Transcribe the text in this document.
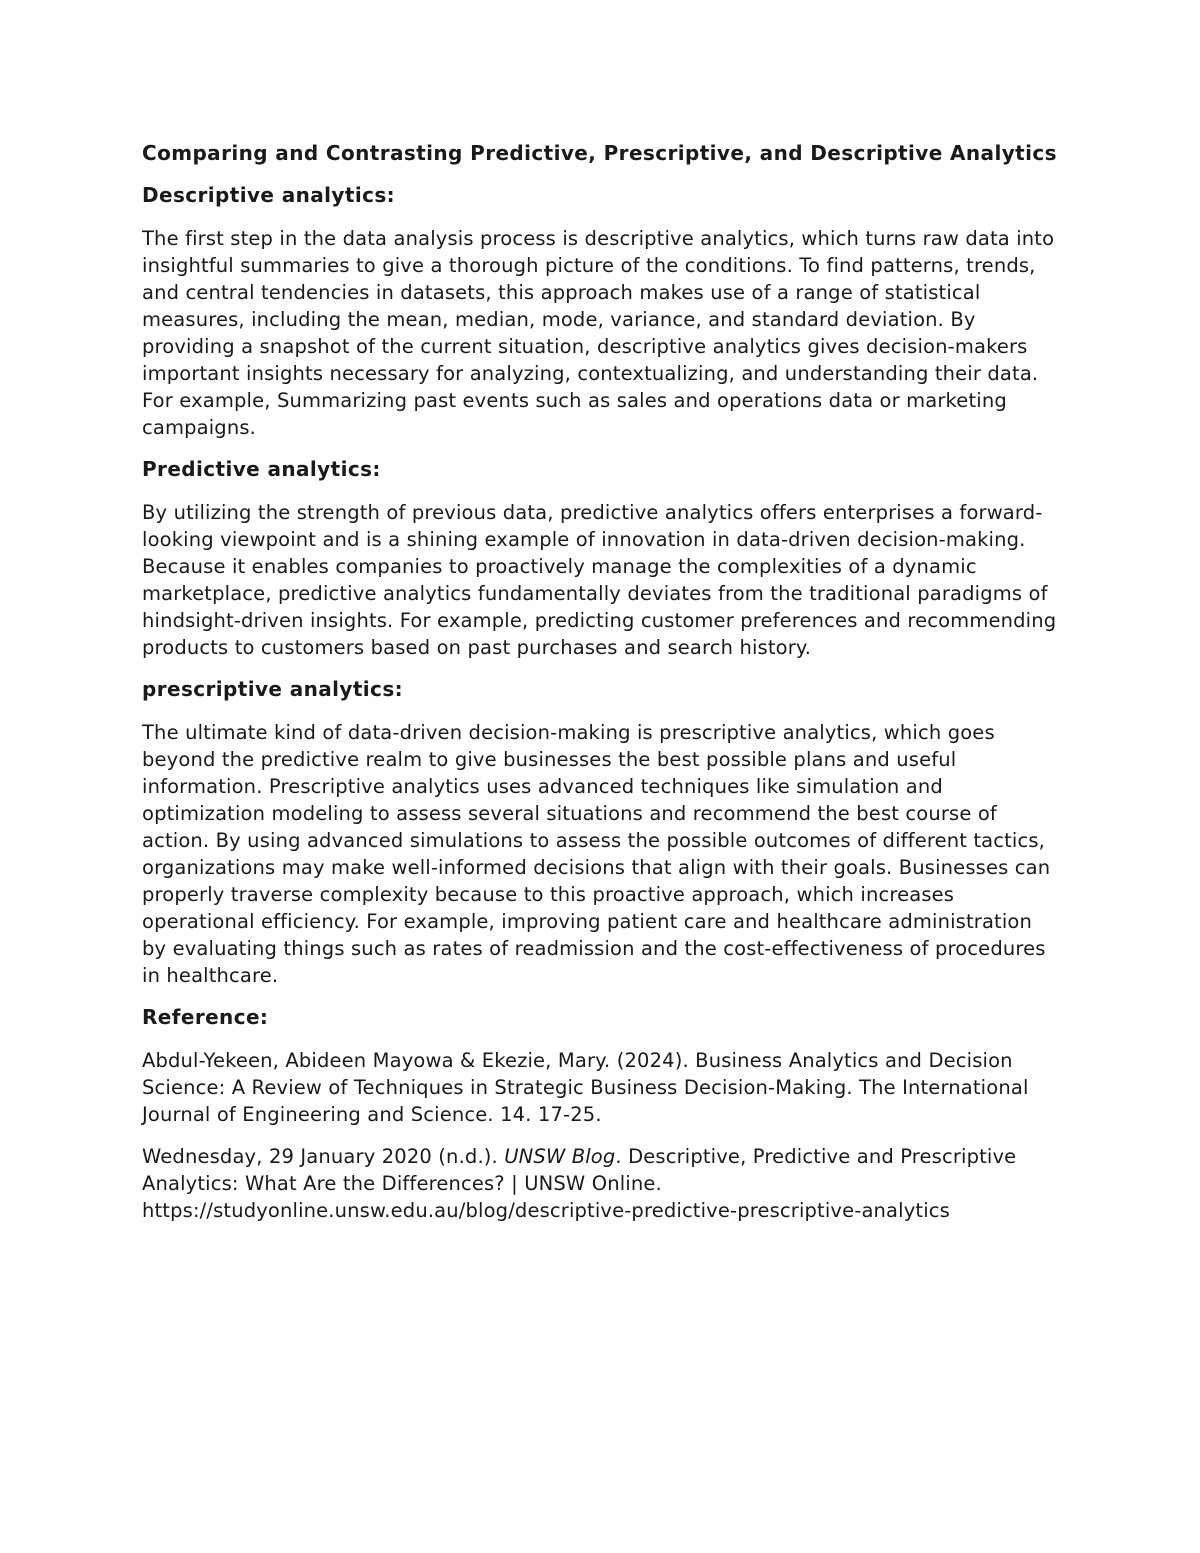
Comparing and Contrasting Predictive, Prescriptive, and Descriptive Analytics
Descriptive analytics:

The first step in the data analysis process is descriptive analytics, which turns raw data into insightful summaries to give a thorough picture of the conditions. To find patterns, trends, and central tendencies in datasets, this approach makes use of a range of statistical measures, including the mean, median, mode, variance, and standard deviation. By providing a snapshot of the current situation, descriptive analytics gives decision-makers important insights necessary for analyzing, contextualizing, and understanding their data. For example, Summarizing past events such as sales and operations data or marketing campaigns.

Predictive analytics:

By utilizing the strength of previous data, predictive analytics offers enterprises a forward-looking viewpoint and is a shining example of innovation in data-driven decision-making. Because it enables companies to proactively manage the complexities of a dynamic marketplace, predictive analytics fundamentally deviates from the traditional paradigms of hindsight-driven insights. For example, predicting customer preferences and recommending products to customers based on past purchases and search history.

prescriptive analytics:

The ultimate kind of data-driven decision-making is prescriptive analytics, which goes beyond the predictive realm to give businesses the best possible plans and useful information. Prescriptive analytics uses advanced techniques like simulation and optimization modeling to assess several situations and recommend the best course of action. By using advanced simulations to assess the possible outcomes of different tactics, organizations may make well-informed decisions that align with their goals. Businesses can properly traverse complexity because to this proactive approach, which increases operational efficiency. For example, improving patient care and healthcare administration by evaluating things such as rates of readmission and the cost-effectiveness of procedures in healthcare.

Reference:

Abdul-Yekeen, Abideen Mayowa & Ekezie, Mary. (2024). Business Analytics and Decision Science: A Review of Techniques in Strategic Business Decision-Making. The International Journal of Engineering and Science. 14. 17-25.

Wednesday, 29 January 2020 (n.d.). UNSW Blog. Descriptive, Predictive and Prescriptive Analytics: What Are the Differences? | UNSW Online.
https://studyonline.unsw.edu.au/blog/descriptive-predictive-prescriptive-analytics
